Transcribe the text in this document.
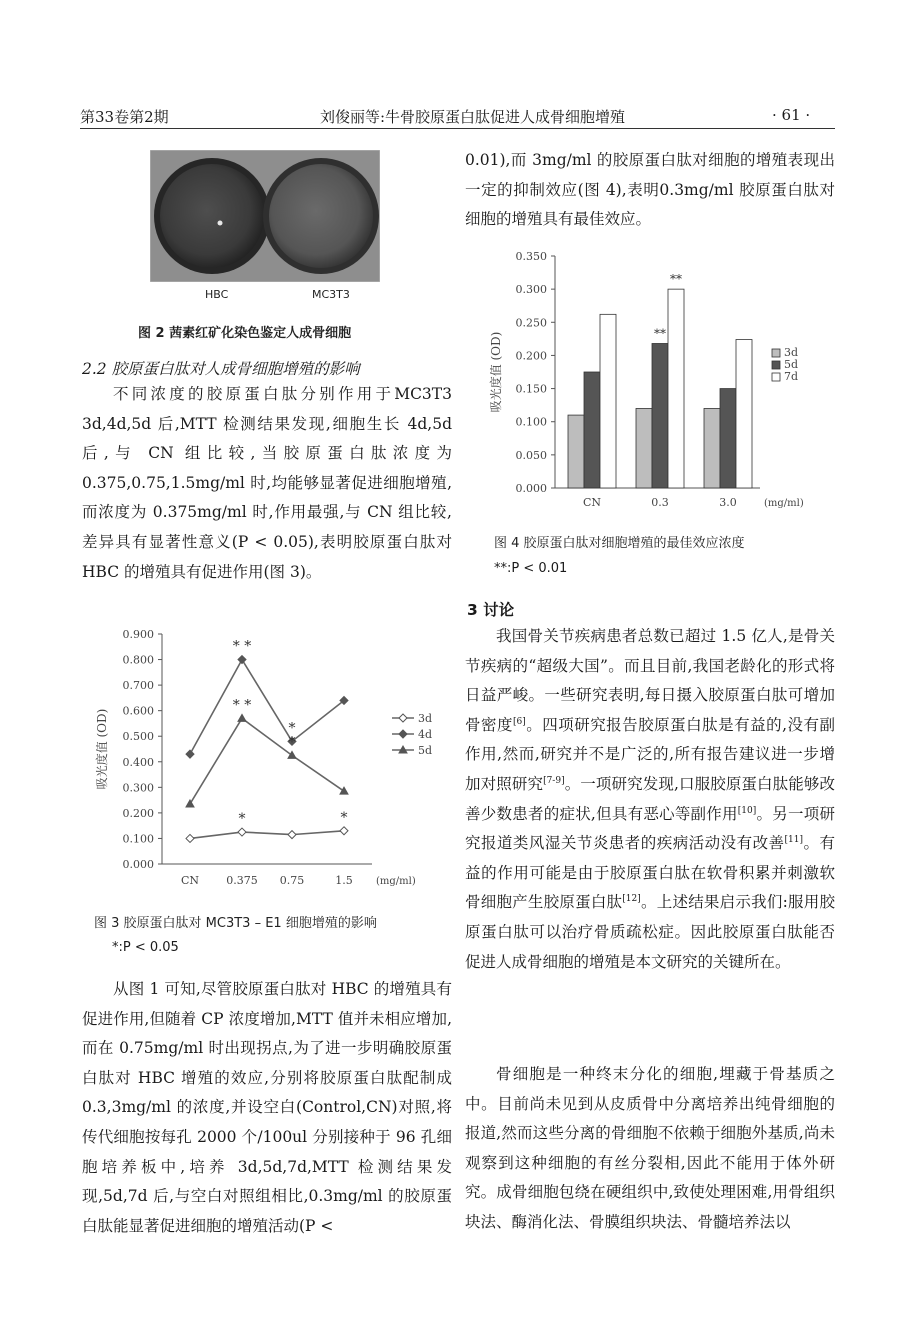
第33卷第2期	刘俊丽等:牛骨胶原蛋白肽促进人成骨细胞增殖	· 61 ·
HBC	MC3T3
图 2 茜素红矿化染色鉴定人成骨细胞
2.2 胶原蛋白肽对人成骨细胞增殖的影响

不同浓度的胶原蛋白肽分别作用于MC3T3 3d,4d,5d 后,MTT 检测结果发现,细胞生长 4d,5d 后,与 CN 组比较,当胶原蛋白肽浓度为 0.375,0.75,1.5mg/ml 时,均能够显著促进细胞增殖,而浓度为 0.375mg/ml 时,作用最强,与 CN 组比较,差异具有显著性意义(P < 0.05),表明胶原蛋白肽对 HBC 的增殖具有促进作用(图 3)。

0.000
0.100
0.200
0.300
0.400
0.500
0.600
0.700
0.800
0.900
CN 0.375 0.75	1.5 (mg/ml)
吸光度值 (OD)
* *
* *
*
*
*	*
3d
4d
5d
图 3 胶原蛋白肽对 MC3T3 – E1 细胞增殖的影响
*:P < 0.05

从图 1 可知,尽管胶原蛋白肽对 HBC 的增殖具有促进作用,但随着 CP 浓度增加,MTT 值并未相应增加,而在 0.75mg/ml 时出现拐点,为了进一步明确胶原蛋白肽对 HBC 增殖的效应,分别将胶原蛋白肽配制成 0.3,3mg/ml 的浓度,并设空白(Control,CN)对照,将传代细胞按每孔 2000 个/100ul 分别接种于 96 孔细胞培养板中,培养 3d,5d,7d,MTT 检测结果发现,5d,7d 后,与空白对照组相比,0.3mg/ml 的胶原蛋白肽能显著促进细胞的增殖活动(P <

0.01),而 3mg/ml 的胶原蛋白肽对细胞的增殖表现出一定的抑制效应(图 4),表明0.3mg/ml 胶原蛋白肽对细胞的增殖具有最佳效应。

0.000
0.050
0.100
0.150
0.200
0.250
0.300
0.350
CN	0.3	3.0	(mg/ml)
吸光度值 (OD)	**
**
3d
5d
7d
图 4 胶原蛋白肽对细胞增殖的最佳效应浓度
**:P < 0.01
3 讨论

我国骨关节疾病患者总数已超过 1.5 亿人,是骨关节疾病的“超级大国”。而且目前,我国老龄化的形式将日益严峻。一些研究表明,每日摄入胶原蛋白肽可增加骨密度[6]。四项研究报告胶原蛋白肽是有益的,没有副作用,然而,研究并不是广泛的,所有报告建议进一步增加对照研究[7-9]。一项研究发现,口服胶原蛋白肽能够改善少数患者的症状,但具有恶心等副作用[10]。另一项研究报道类风湿关节炎患者的疾病活动没有改善[11]。有益的作用可能是由于胶原蛋白肽在软骨积累并刺激软骨细胞产生胶原蛋白肽[12]。上述结果启示我们:服用胶原蛋白肽可以治疗骨质疏松症。因此胶原蛋白肽能否促进人成骨细胞的增殖是本文研究的关键所在。

骨细胞是一种终末分化的细胞,埋藏于骨基质之中。目前尚未见到从皮质骨中分离培养出纯骨细胞的报道,然而这些分离的骨细胞不依赖于细胞外基质,尚未观察到这种细胞的有丝分裂相,因此不能用于体外研究。成骨细胞包绕在硬组织中,致使处理困难,用骨组织块法、酶消化法、骨膜组织块法、骨髓培养法以
